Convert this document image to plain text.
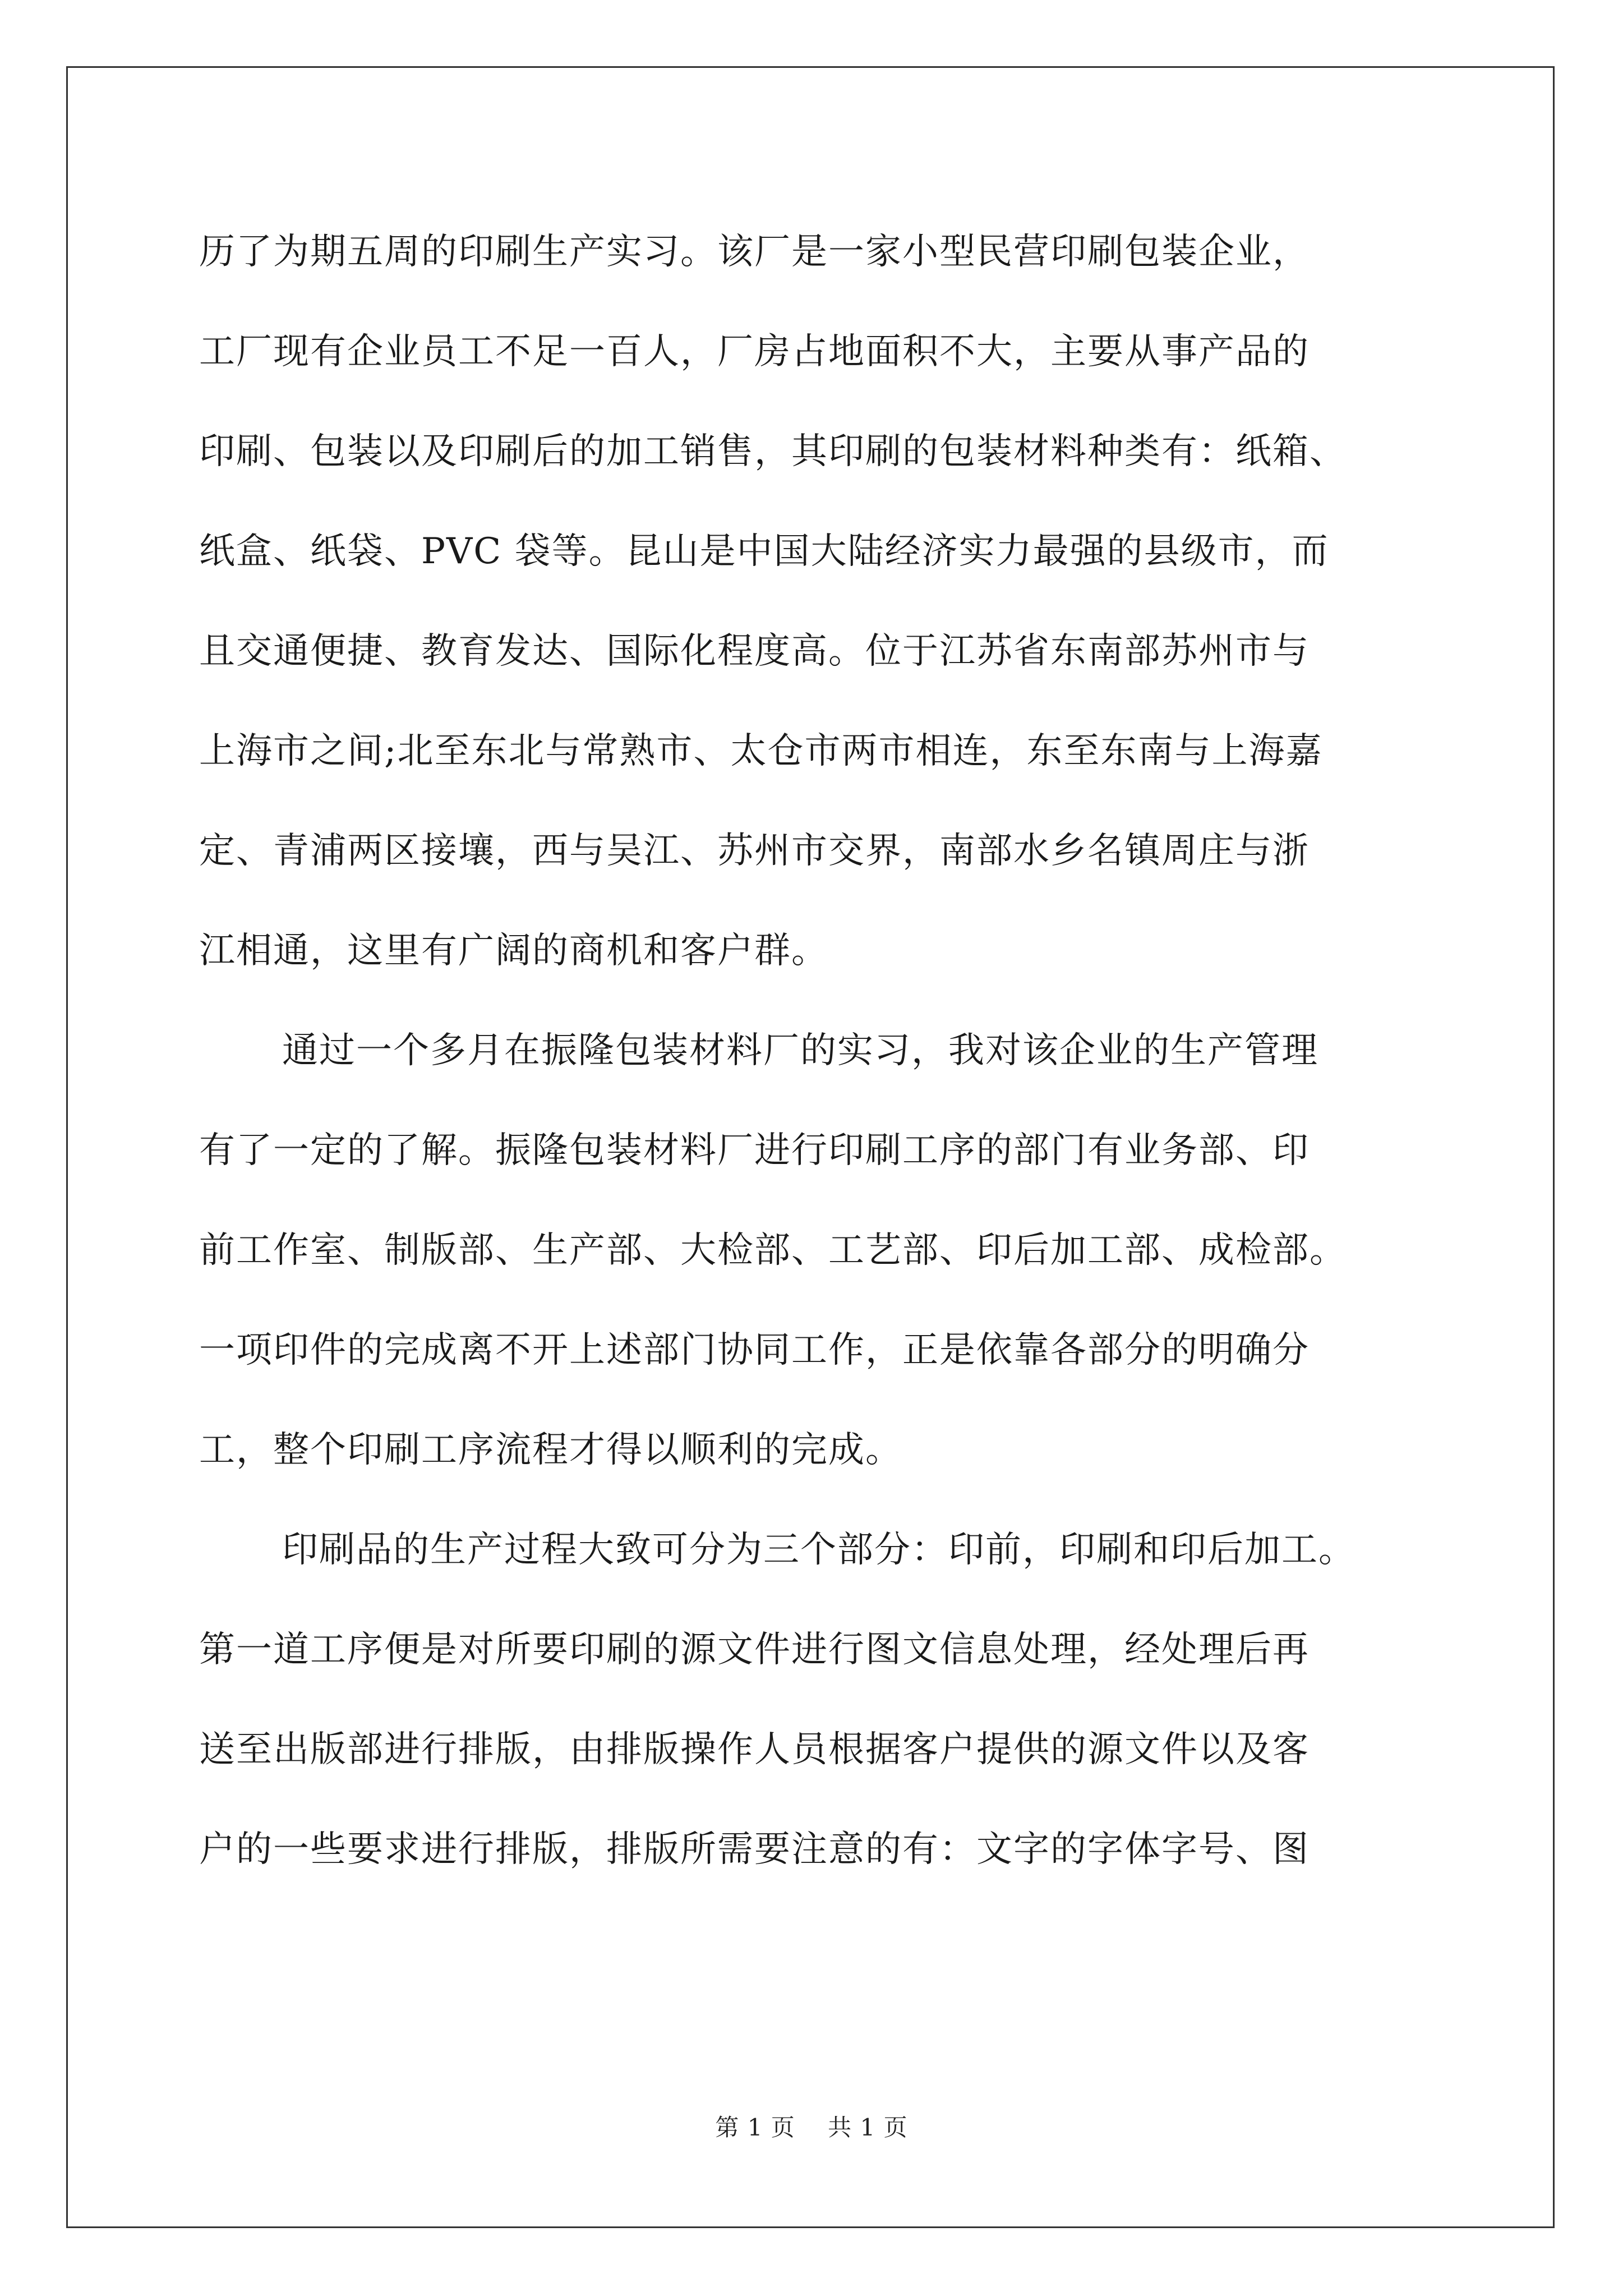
历了为期五周的印刷生产实习。该厂是一家小型民营印刷包装企业，
工厂现有企业员工不足一百人，厂房占地面积不大，主要从事产品的
印刷、包装以及印刷后的加工销售，其印刷的包装材料种类有：纸箱、
纸盒、纸袋、PVC 袋等。昆山是中国大陆经济实力最强的县级市，而
且交通便捷、教育发达、国际化程度高。位于江苏省东南部苏州市与
上海市之间;北至东北与常熟市、太仓市两市相连，东至东南与上海嘉
定、青浦两区接壤，西与吴江、苏州市交界，南部水乡名镇周庄与浙
江相通，这里有广阔的商机和客户群。
通过一个多月在振隆包装材料厂的实习，我对该企业的生产管理
有了一定的了解。振隆包装材料厂进行印刷工序的部门有业务部、印
前工作室、制版部、生产部、大检部、工艺部、印后加工部、成检部。
一项印件的完成离不开上述部门协同工作，正是依靠各部分的明确分
工，整个印刷工序流程才得以顺利的完成。
印刷品的生产过程大致可分为三个部分：印前，印刷和印后加工。
第一道工序便是对所要印刷的源文件进行图文信息处理，经处理后再
送至出版部进行排版，由排版操作人员根据客户提供的源文件以及客
户的一些要求进行排版，排版所需要注意的有：文字的字体字号、图
第 1 页 共 1 页
